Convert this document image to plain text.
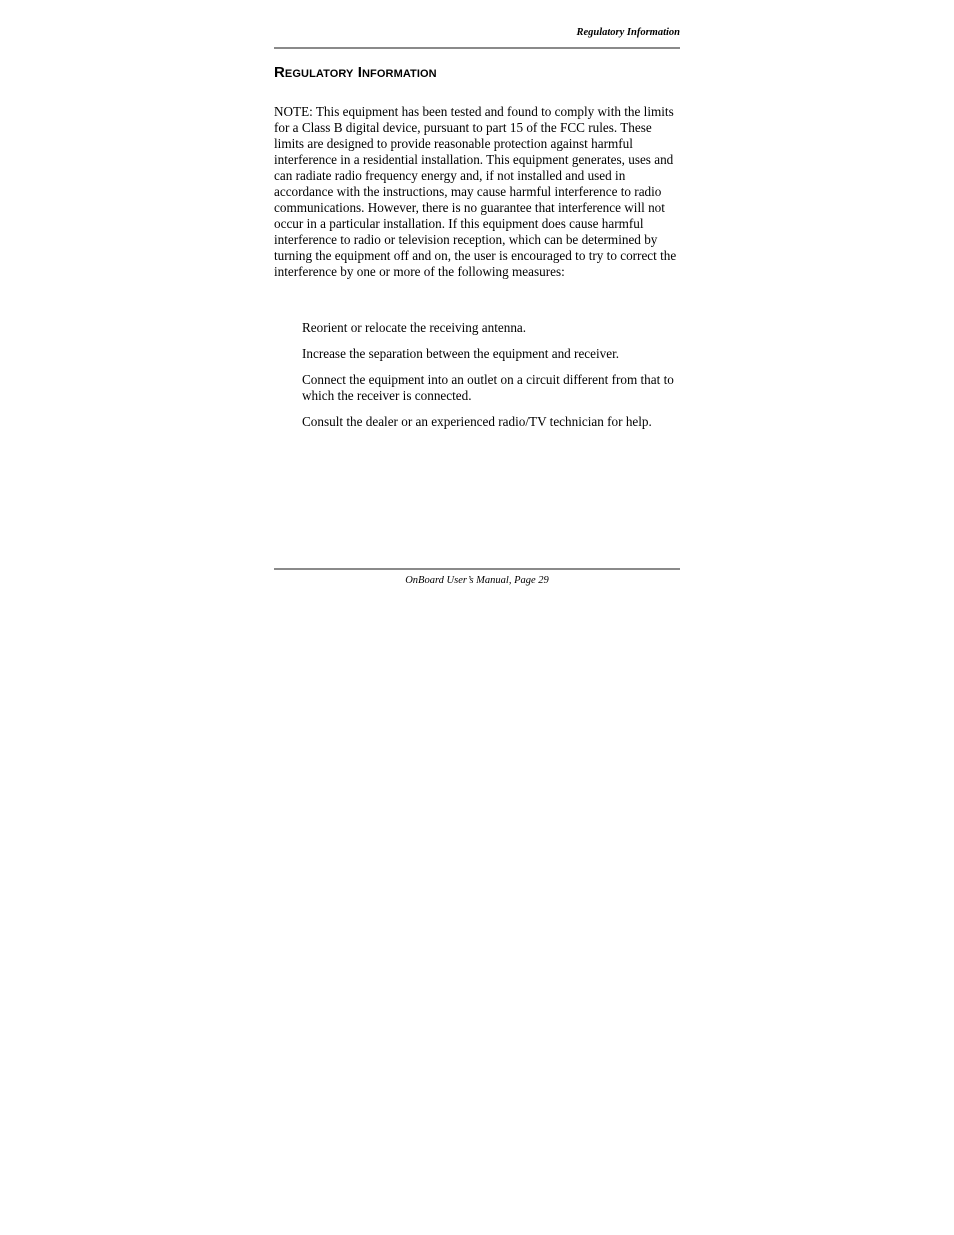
Regulatory Information
Regulatory Information

NOTE: This equipment has been tested and found to comply with the limits for a Class B digital device, pursuant to part 15 of the FCC rules. These limits are designed to provide reasonable protection against harmful interference in a residential installation. This equipment generates, uses and can radiate radio frequency energy and, if not installed and used in accordance with the instructions, may cause harmful interference to radio communications. However, there is no guarantee that interference will not occur in a particular installation. If this equipment does cause harmful interference to radio or television reception, which can be determined by turning the equipment off and on, the user is encouraged to try to correct the interference by one or more of the following measures:

Reorient or relocate the receiving antenna.
Increase the separation between the equipment and receiver.
Connect the equipment into an outlet on a circuit different from that to which the receiver is connected.
Consult the dealer or an experienced radio/TV technician for help.
OnBoard User’s Manual, Page 29
